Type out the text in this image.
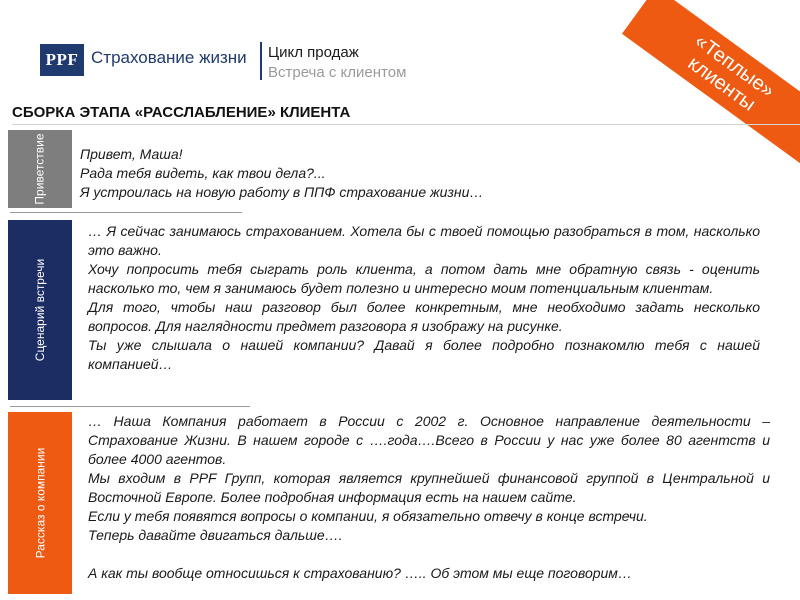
PPF Страхование жизни Цикл продаж
Встреча с клиентом	«Теплые» клиенты
СБОРКА ЭТАПА «РАССЛАБЛЕНИЕ» КЛИЕНТА
Приветствие
Сценарий встречи
Рассказ о компании

Привет, Маша!

Рада тебя видеть, как твои дела?...

Я устроилась на новую работу в ППФ страхование жизни…

… Я сейчас занимаюсь страхованием. Хотела бы с твоей помощью разобраться в том, насколько это важно.

Хочу попросить тебя сыграть роль клиента, а потом дать мне обратную связь - оценить насколько то, чем я занимаюсь будет полезно и интересно моим потенциальным клиентам.

Для того, чтобы наш разговор был более конкретным, мне необходимо задать несколько вопросов. Для наглядности предмет разговора я изображу на рисунке.

Ты уже слышала о нашей компании? Давай я более подробно познакомлю тебя с нашей компанией…

… Наша Компания работает в России с 2002 г. Основное направление деятельности – Страхование Жизни. В нашем городе с ….года….Всего в России у нас уже более 80 агентств и более 4000 агентов.

Мы входим в PPF Групп, которая является крупнейшей финансовой группой в Центральной и Восточной Европе. Более подробная информация есть на нашем сайте.

Если у тебя появятся вопросы о компании, я обязательно отвечу в конце встречи.

Теперь давайте двигаться дальше….

А как ты вообще относишься к страхованию? ….. Об этом мы еще поговорим…
